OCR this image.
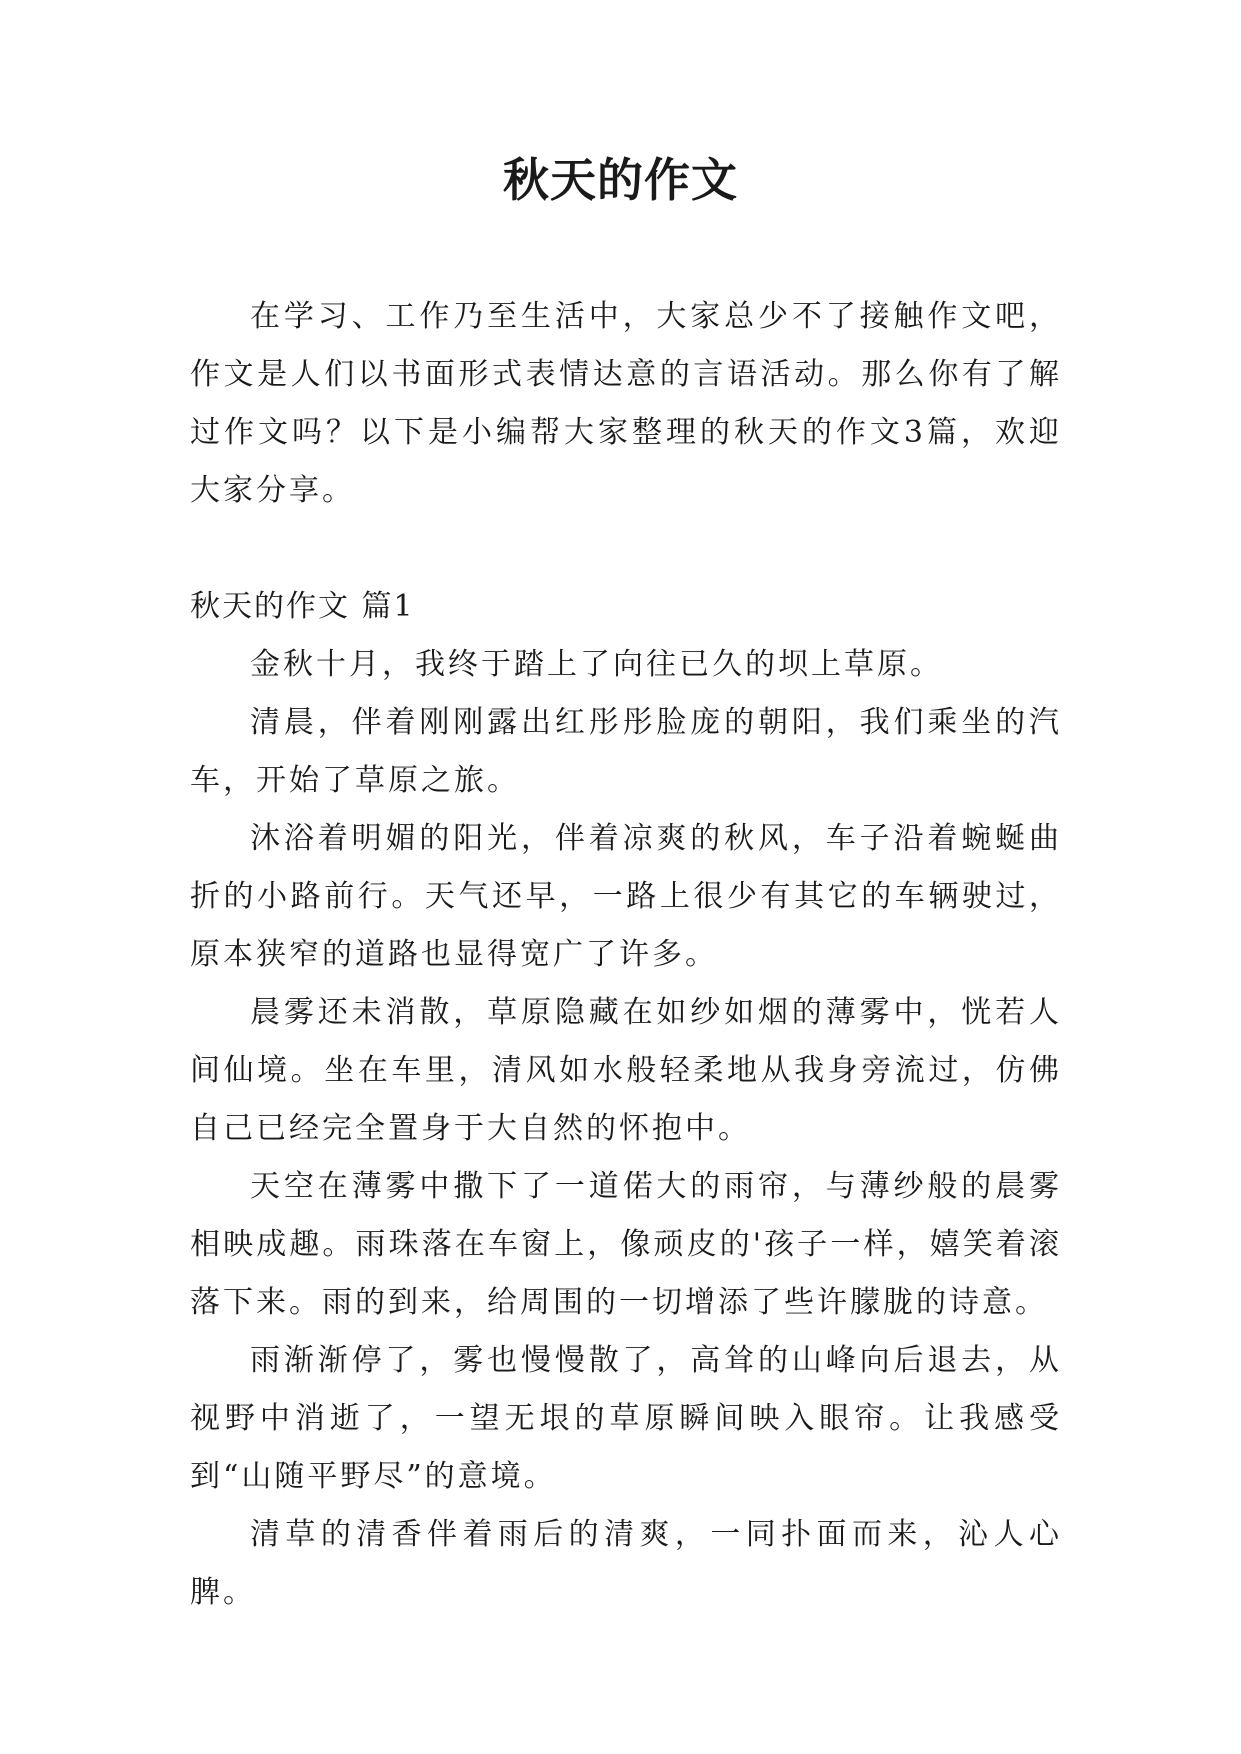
秋天的作文

在学习、工作乃至生活中，大家总少不了接触作文吧，作文是人们以书面形式表情达意的言语活动。那么你有了解过作文吗？以下是小编帮大家整理的秋天的作文3篇，欢迎大家分享。

秋天的作文 篇1

金秋十月，我终于踏上了向往已久的坝上草原。

清晨，伴着刚刚露出红彤彤脸庞的朝阳，我们乘坐的汽车，开始了草原之旅。

沐浴着明媚的阳光，伴着凉爽的秋风，车子沿着蜿蜒曲折的小路前行。天气还早，一路上很少有其它的车辆驶过，原本狭窄的道路也显得宽广了许多。

晨雾还未消散，草原隐藏在如纱如烟的薄雾中，恍若人间仙境。坐在车里，清风如水般轻柔地从我身旁流过，仿佛自己已经完全置身于大自然的怀抱中。

天空在薄雾中撒下了一道偌大的雨帘，与薄纱般的晨雾相映成趣。雨珠落在车窗上，像顽皮的'孩子一样，嬉笑着滚落下来。雨的到来，给周围的一切增添了些许朦胧的诗意。

雨渐渐停了，雾也慢慢散了，高耸的山峰向后退去，从视野中消逝了，一望无垠的草原瞬间映入眼帘。让我感受到“山随平野尽”的意境。

清草的清香伴着雨后的清爽，一同扑面而来，沁人心脾。
